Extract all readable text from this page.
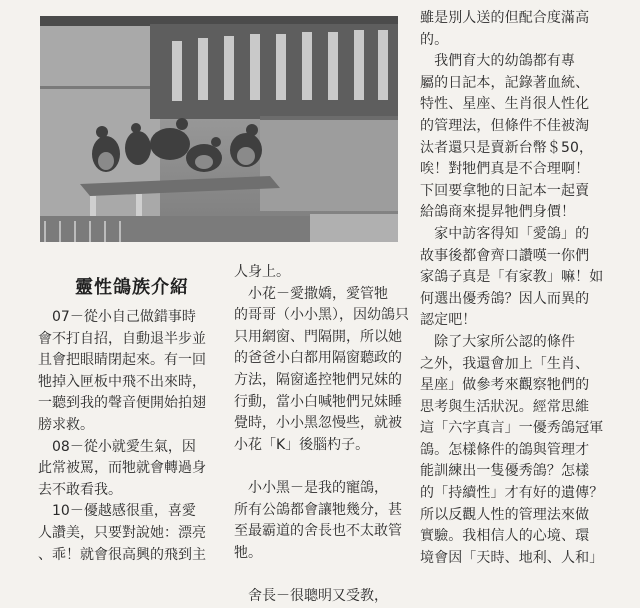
靈性鴿族介紹

　07－從小自己做錯事時

會不打自招，自動退半步並

且會把眼睛閉起來。有一回

牠掉入匣板中飛不出來時，

一聽到我的聲音便開始拍翅

膀求救。

　08－從小就愛生氣，因

此常被罵，而牠就會轉過身

去不敢看我。

　10－優越感很重，喜愛

人讚美，只要對說她：漂亮

、乖！就會很高興的飛到主

人身上。

　小花－愛撒嬌，愛管牠

的哥哥（小小黑），因幼鴿只

只用網窗、門隔開，所以她

的爸爸小白都用隔窗聽政的

方法，隔窗遙控牠們兄妹的

行動，當小白喊牠們兄妹睡

覺時，小小黑忽慢些，就被

小花「K」後腦杓子。

　小小黑－是我的寵鴿，

所有公鴿都會讓牠幾分，甚

至最霸道的舍長也不太敢管

牠。

　舍長－很聰明又受教，

雖是別人送的但配合度滿高

的。

　我們育大的幼鴿都有專

屬的日記本，記錄著血統、

特性、星座、生肖很人性化

的管理法，但條件不佳被淘

汰者還只是賣新台幣＄50，

唉！對牠們真是不合理啊！

下回要拿牠的日記本一起賣

給鴿商來提昇牠們身價！

　家中訪客得知「愛鴿」的

故事後都會齊口讚嘆一你們

家鴿子真是「有家教」嘛！如

何選出優秀鴿？因人而異的

認定吧！

　除了大家所公認的條件

之外，我還會加上「生肖、

星座」做參考來觀察牠們的

思考與生活狀況。經常思維

這「六字真言」一優秀鴿冠軍

鴿。怎樣條件的鴿與管理才

能訓練出一隻優秀鴿？怎樣

的「持續性」才有好的遺傳？

所以反觀人性的管理法來做

實驗。我相信人的心境、環

境會因「天時、地利、人和」
